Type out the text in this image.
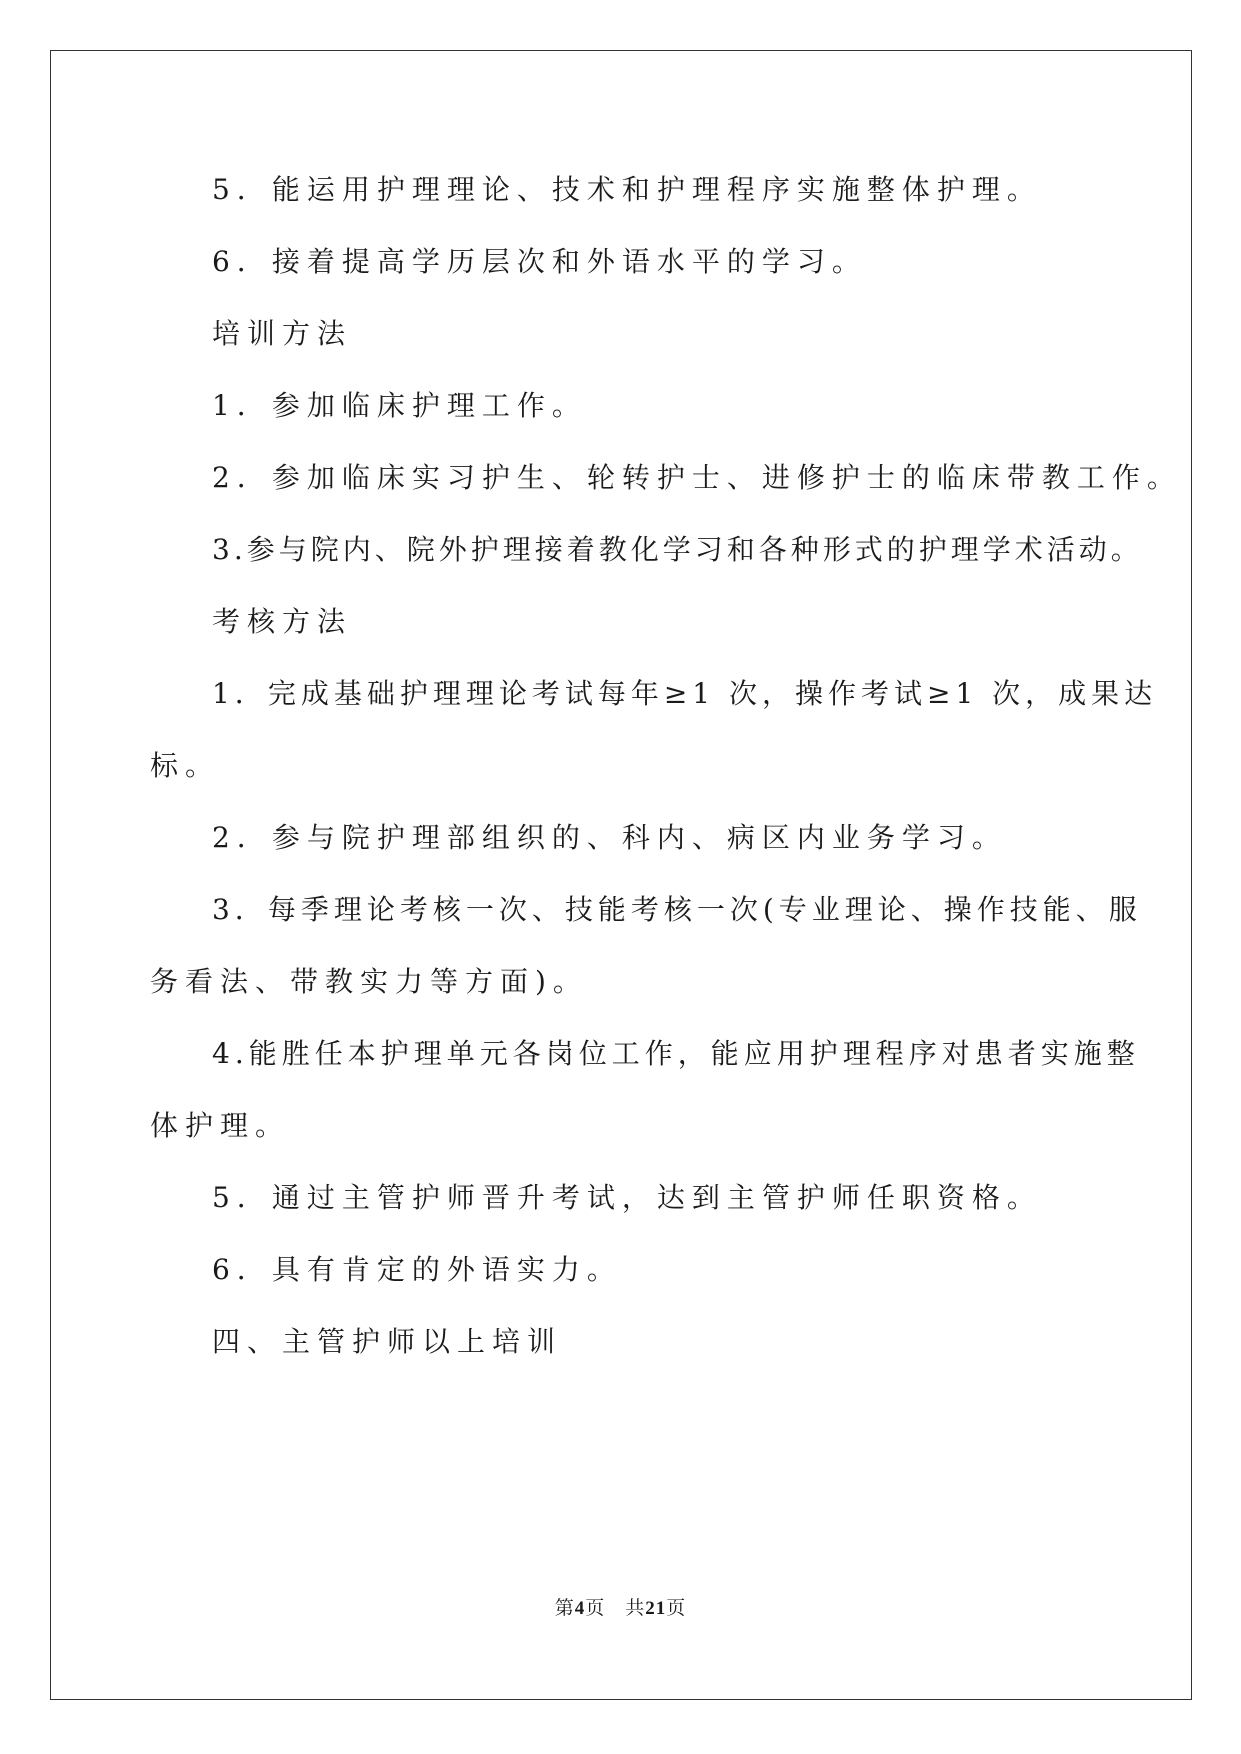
5．能运用护理理论、技术和护理程序实施整体护理。
6．接着提高学历层次和外语水平的学习。
培训方法
1．参加临床护理工作。
2．参加临床实习护生、轮转护士、进修护士的临床带教工作。
3.参与院内、院外护理接着教化学习和各种形式的护理学术活动。
考核方法
1．完成基础护理理论考试每年≥1 次，操作考试≥1 次，成果达
标。
2．参与院护理部组织的、科内、病区内业务学习。
3．每季理论考核一次、技能考核一次(专业理论、操作技能、服
务看法、带教实力等方面)。
4.能胜任本护理单元各岗位工作，能应用护理程序对患者实施整
体护理。
5．通过主管护师晋升考试，达到主管护师任职资格。
6．具有肯定的外语实力。
四、主管护师以上培训
第4页 共21页
